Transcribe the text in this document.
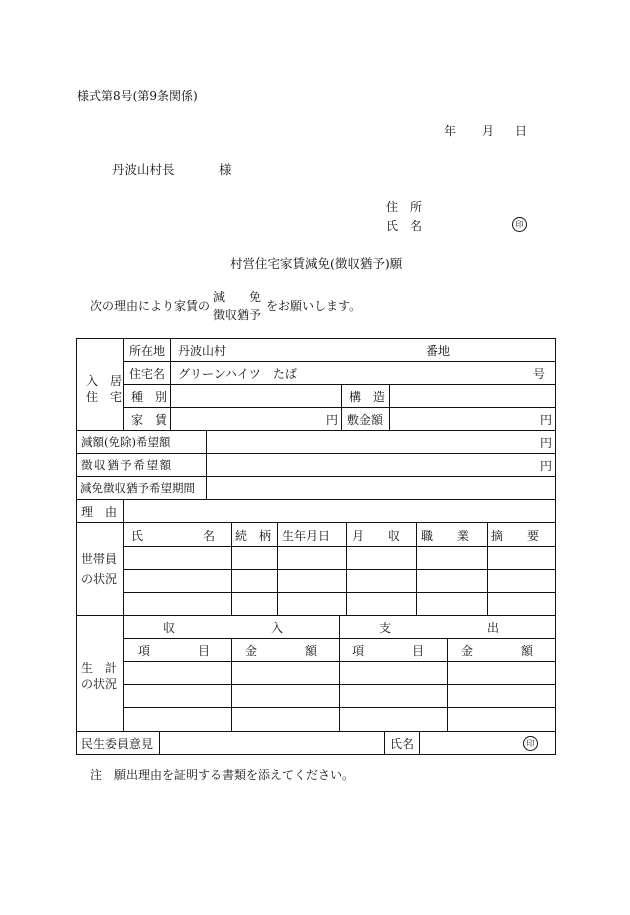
様式第8号(第9条関係)
年 月 日
丹波山村長	様
住　所
氏　名	印
村営住宅家賃減免(徴収猶予)願
次の理由により家賃の
減　　免
徴収猶予
をお願いします。
入　居
住　宅
所在地 丹波山村	番地
住宅名 グリーンハイツ　たば	号
種　別	構　造
家　賃	円 敷金額	円
減額(免除)希望額	円
徴収猶予希望額	円
減免徴収猶予希望期間
理　由
世帯員
の状況
氏　　　　　名 続　柄 生年月日 月　　収 職　　業 摘　　要
生　計
の状況
収　　　　　　　　入	支　　　　　　　　出
項　　　　目	金　　　　額	項　　　　目	金　　　　額
民生委員意見	氏名	印
注　願出理由を証明する書類を添えてください。
